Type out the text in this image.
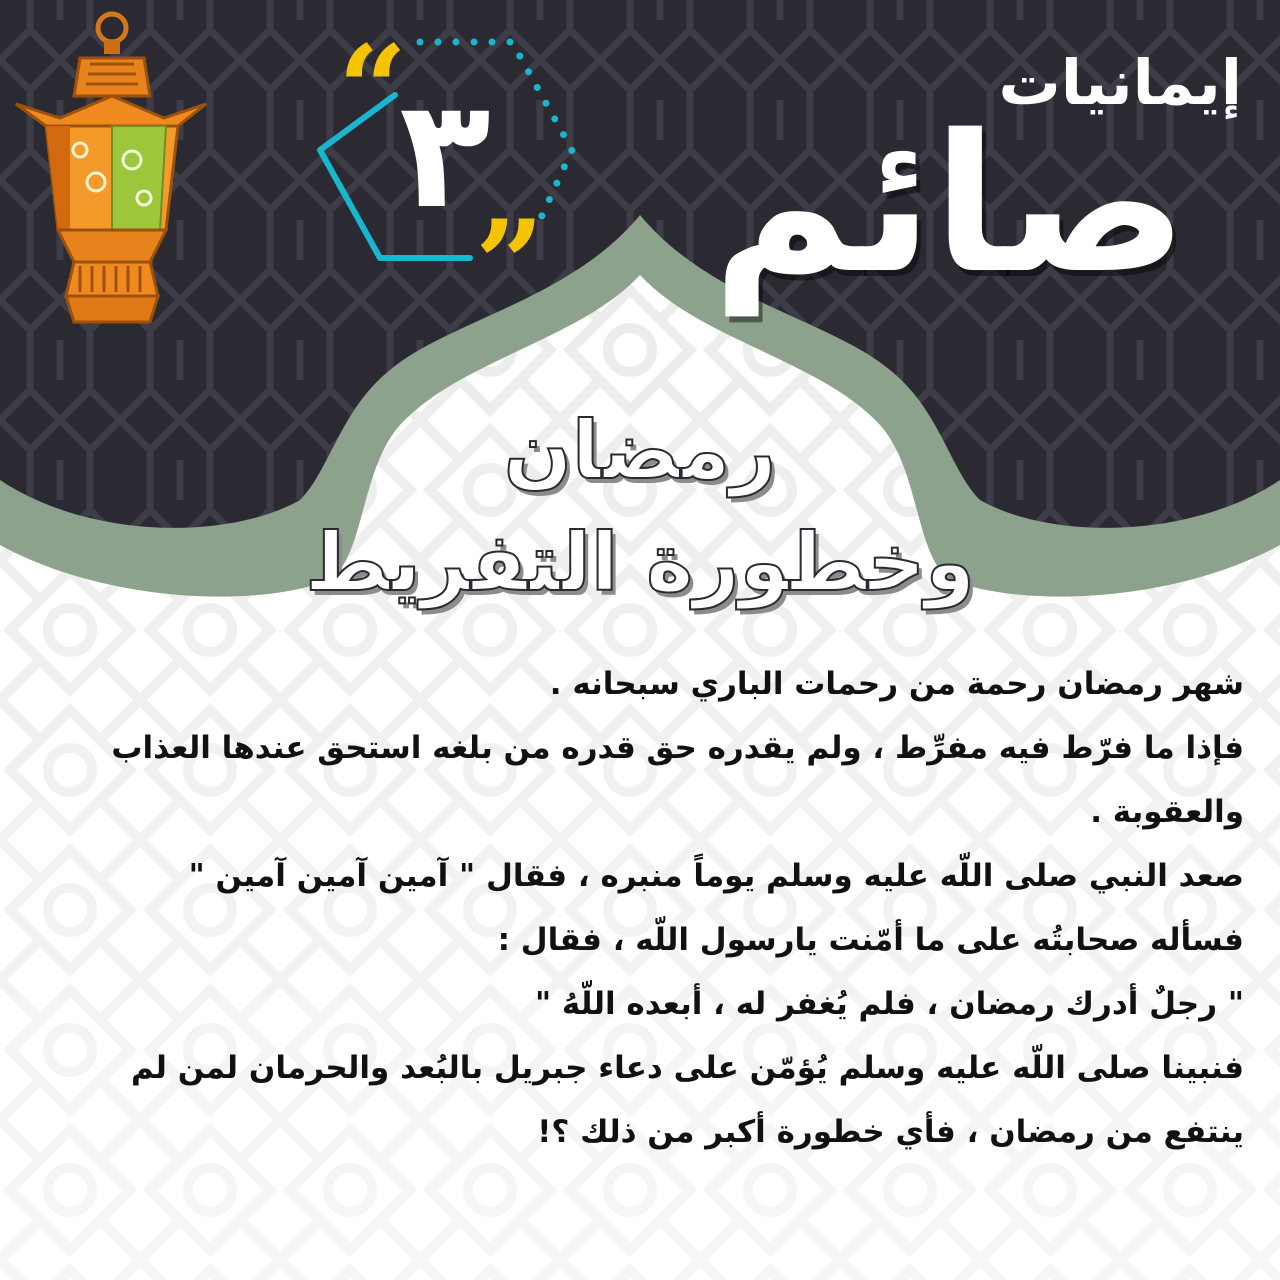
“
٣
”
إيمانيات
صائم
رمضان
وخطورة التفريط

شهر رمضان رحمة من رحمات الباري سبحانه .

فإذا ما فرّط فيه مفرِّط ، ولم يقدره حق قدره من بلغه استحق عندها العذاب والعقوبة .

صعد النبي صلى اللّه عليه وسلم يوماً منبره ، فقال " آمين آمين آمين " فسأله صحابتُه على ما أمّنت يارسول اللّه ، فقال :

" رجلٌ أدرك رمضان ، فلم يُغفر له ، أبعده اللّهُ "

فنبينا صلى اللّه عليه وسلم يُؤمّن على دعاء جبريل بالبُعد والحرمان لمن لم ينتفع من رمضان ، فأي خطورة أكبر من ذلك ؟!
